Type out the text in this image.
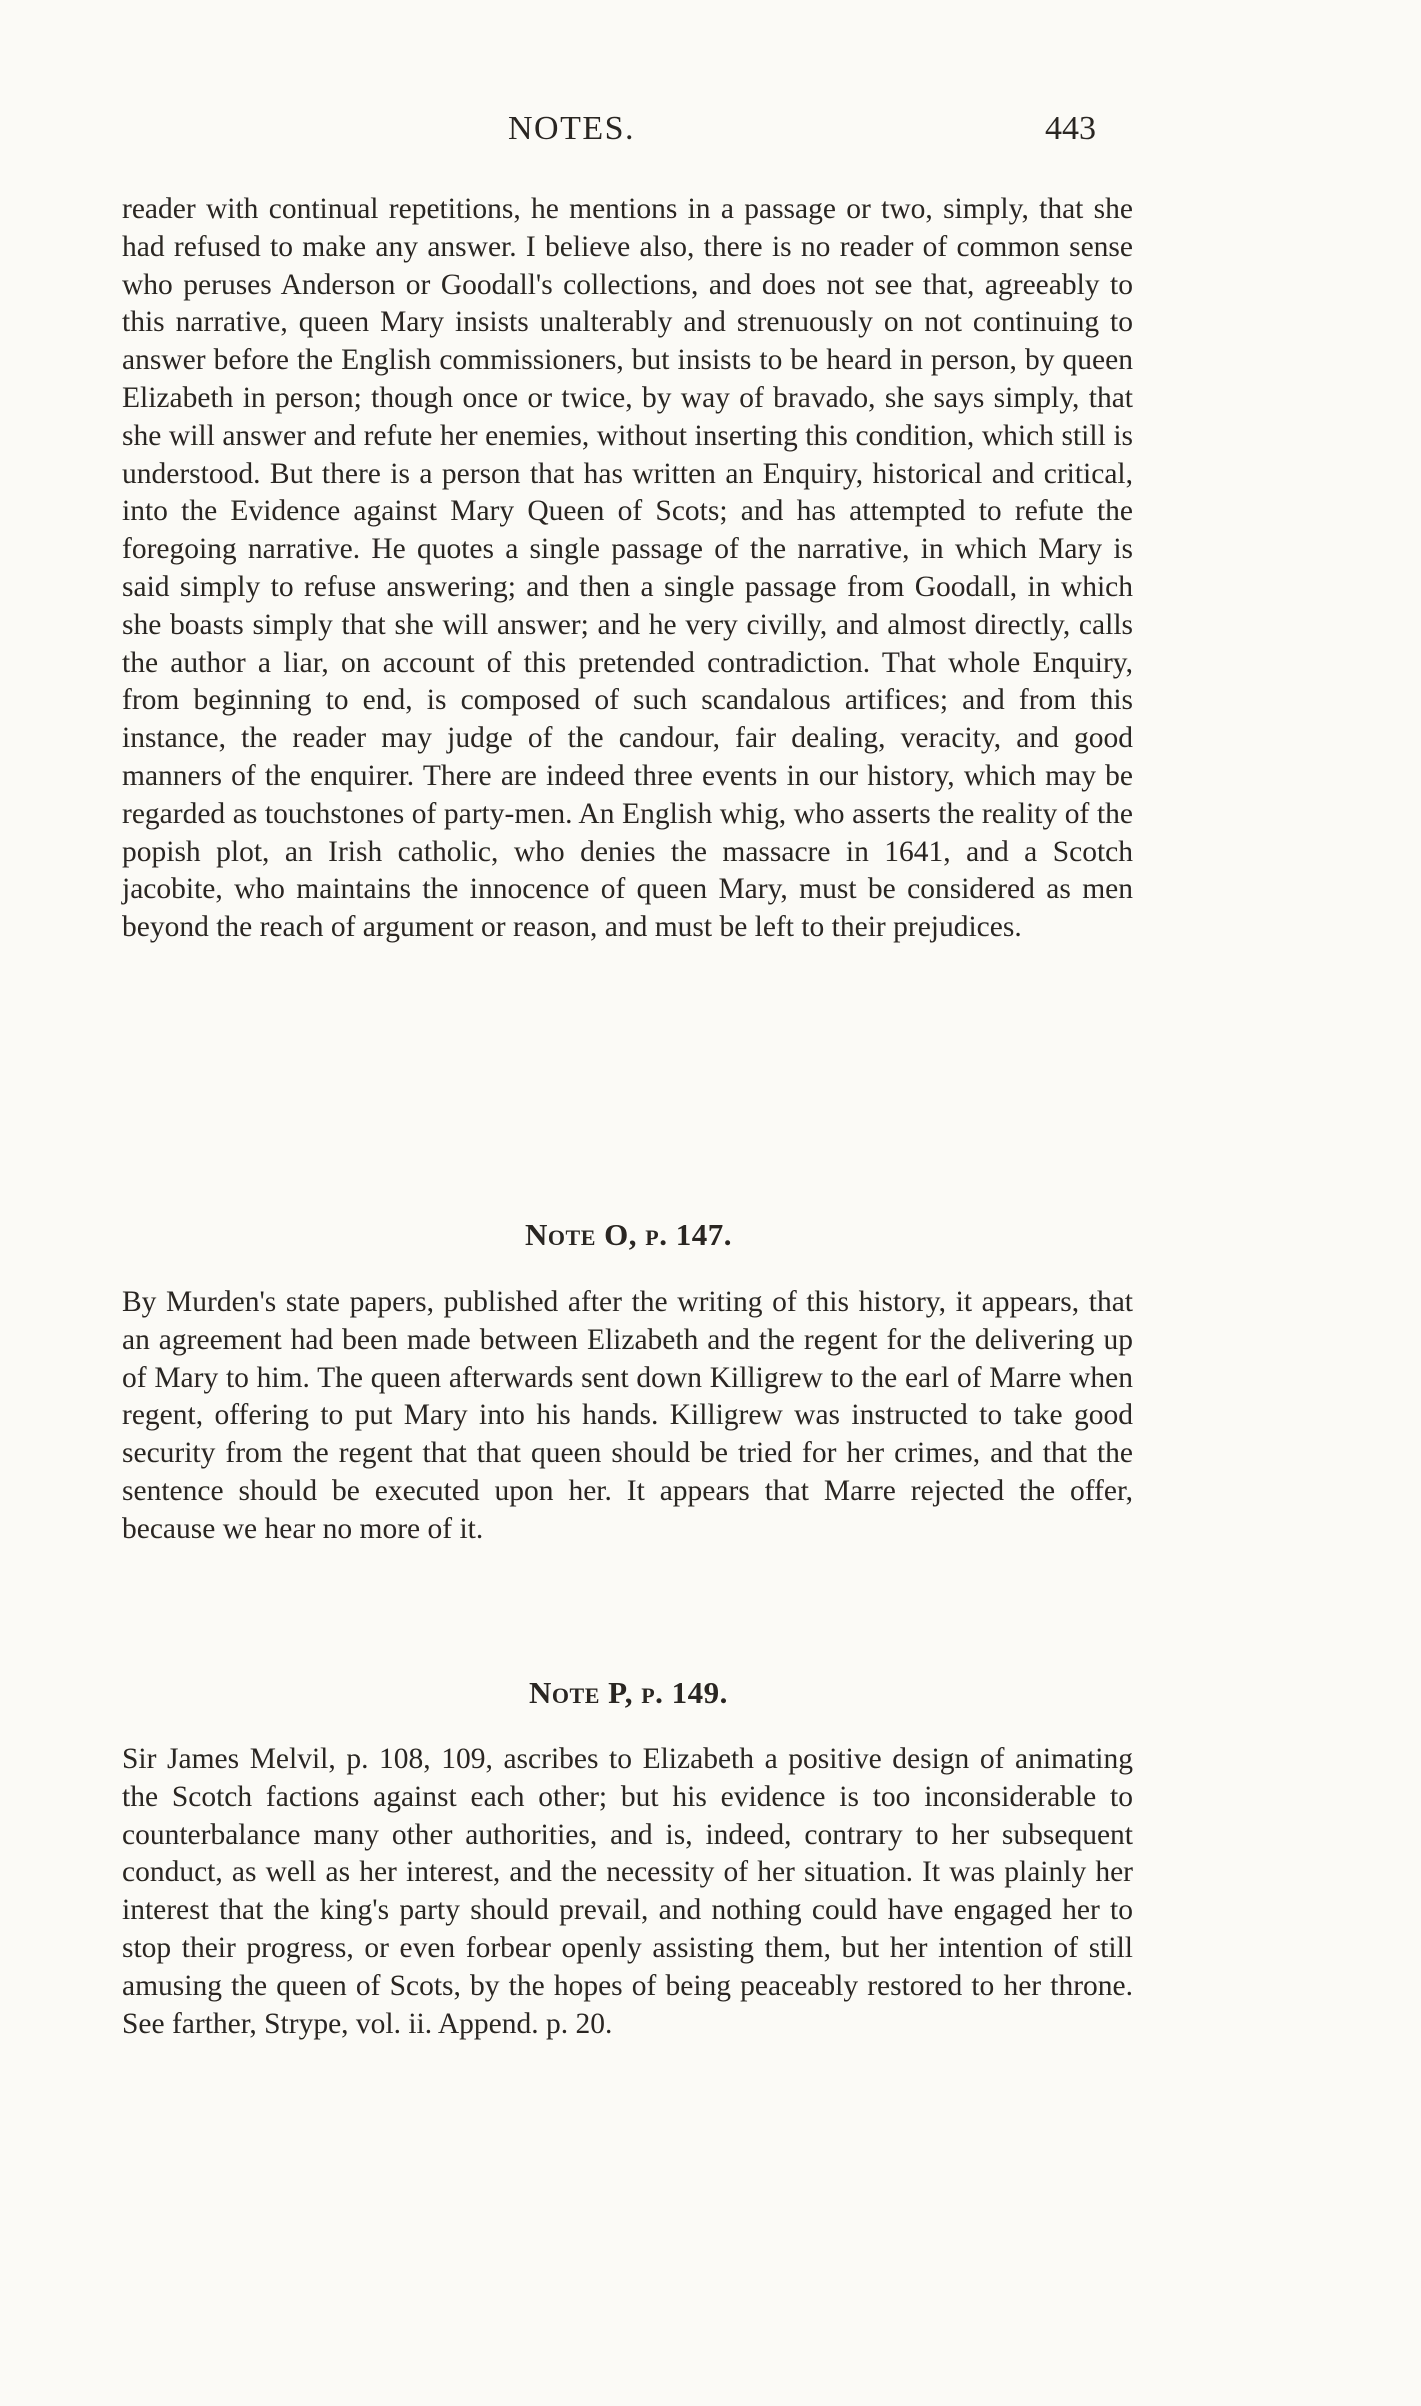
NOTES.	443

reader with continual repetitions, he mentions in a passage or two, simply, that she had refused to make any answer. I believe also, there is no reader of common sense who peruses Anderson or Goodall's collections, and does not see that, agreeably to this narrative, queen Mary insists unalterably and strenuously on not continuing to answer before the English commissioners, but insists to be heard in person, by queen Elizabeth in person; though once or twice, by way of bravado, she says simply, that she will answer and refute her enemies, without inserting this condition, which still is understood. But there is a person that has written an Enquiry, historical and critical, into the Evidence against Mary Queen of Scots; and has attempted to refute the foregoing narrative. He quotes a single passage of the narrative, in which Mary is said simply to refuse answering; and then a single passage from Goodall, in which she boasts simply that she will answer; and he very civilly, and almost directly, calls the author a liar, on account of this pretended contradiction. That whole Enquiry, from beginning to end, is composed of such scandalous artifices; and from this instance, the reader may judge of the candour, fair dealing, veracity, and good manners of the enquirer. There are indeed three events in our history, which may be regarded as touchstones of party-men. An English whig, who asserts the reality of the popish plot, an Irish catholic, who denies the massacre in 1641, and a Scotch jacobite, who maintains the innocence of queen Mary, must be considered as men beyond the reach of argument or reason, and must be left to their prejudices.

Note O, p. 147.

By Murden's state papers, published after the writing of this history, it appears, that an agreement had been made between Elizabeth and the regent for the delivering up of Mary to him. The queen afterwards sent down Killigrew to the earl of Marre when regent, offering to put Mary into his hands. Killigrew was instructed to take good security from the regent that that queen should be tried for her crimes, and that the sentence should be executed upon her. It appears that Marre rejected the offer, because we hear no more of it.

Note P, p. 149.

Sir James Melvil, p. 108, 109, ascribes to Elizabeth a positive design of animating the Scotch factions against each other; but his evidence is too inconsiderable to counterbalance many other authorities, and is, indeed, contrary to her subsequent conduct, as well as her interest, and the necessity of her situation. It was plainly her interest that the king's party should prevail, and nothing could have engaged her to stop their progress, or even forbear openly assisting them, but her intention of still amusing the queen of Scots, by the hopes of being peaceably restored to her throne. See farther, Strype, vol. ii. Append. p. 20.
